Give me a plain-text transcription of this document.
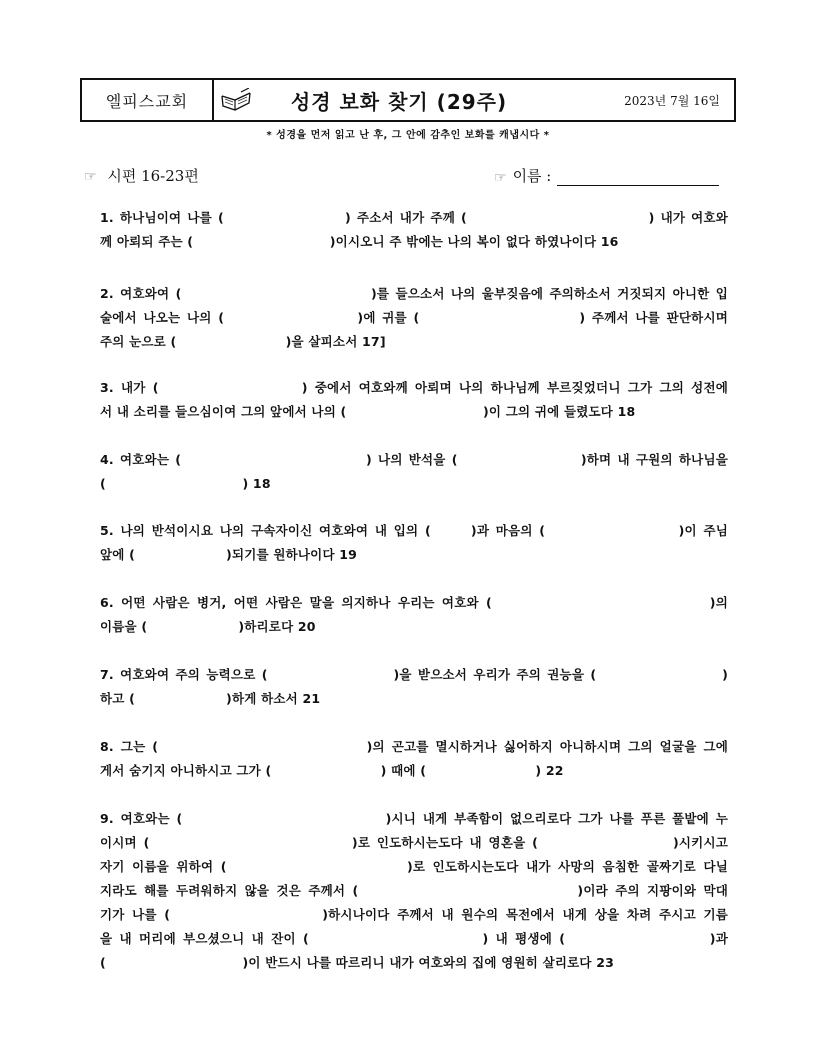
엘피스교회	성경 보화 찾기 (29주)	2023년 7월 16일
* 성경을 먼저 읽고 난 후, 그 안에 감추인 보화를 캐냅시다 *
☞ 시편 16-23편	☞ 이름 :
1. 하나님이여 나를 (                    ) 주소서 내가 주께 (                              ) 내가 여호와
께 아뢰되 주는 (                              )이시오니 주 밖에는 나의 복이 없다 하였나이다 16
2. 여호와여 (                              )를 들으소서 나의 울부짖음에 주의하소서 거짓되지 아니한 입
술에서 나오는 나의 (                    )에 귀를 (                        ) 주께서 나를 판단하시며
주의 눈으로 (                        )을 살피소서 17]
3. 내가 (                    ) 중에서 여호와께 아뢰며 나의 하나님께 부르짖었더니 그가 그의 성전에
서 내 소리를 들으심이여 그의 앞에서 나의 (                              )이 그의 귀에 들렸도다 18
4. 여호와는 (                              ) 나의 반석을 (                    )하며 내 구원의 하나님을
(                              ) 18
5. 나의 반석이시요 나의 구속자이신 여호와여 내 입의 (      )과 마음의 (                    )이 주님
앞에 (                    )되기를 원하나이다 19
6. 어떤 사람은 병거, 어떤 사람은 말을 의지하나 우리는 여호와 (                              )의
이름을 (                    )하리로다 20
7. 여호와여 주의 능력으로 (                    )을 받으소서 우리가 주의 권능을 (                    )
하고 (                    )하게 하소서 21
8. 그는 (                              )의 곤고를 멸시하거나 싫어하지 아니하시며 그의 얼굴을 그에
게서 숨기지 아니하시고 그가 (                        ) 때에 (                        ) 22
9. 여호와는 (                              )시니 내게 부족함이 없으리로다 그가 나를 푸른 풀밭에 누
이시며 (                              )로 인도하시는도다 내 영혼을 (                    )시키시고
자기 이름을 위하여 (                        )로 인도하시는도다 내가 사망의 음침한 골짜기로 다닐
지라도 해를 두려워하지 않을 것은 주께서 (                              )이라 주의 지팡이와 막대
기가 나를 (                    )하시나이다 주께서 내 원수의 목전에서 내게 상을 차려 주시고 기름
을 내 머리에 부으셨으니 내 잔이 (                        ) 내 평생에 (                    )과
(                              )이 반드시 나를 따르리니 내가 여호와의 집에 영원히 살리로다 23
